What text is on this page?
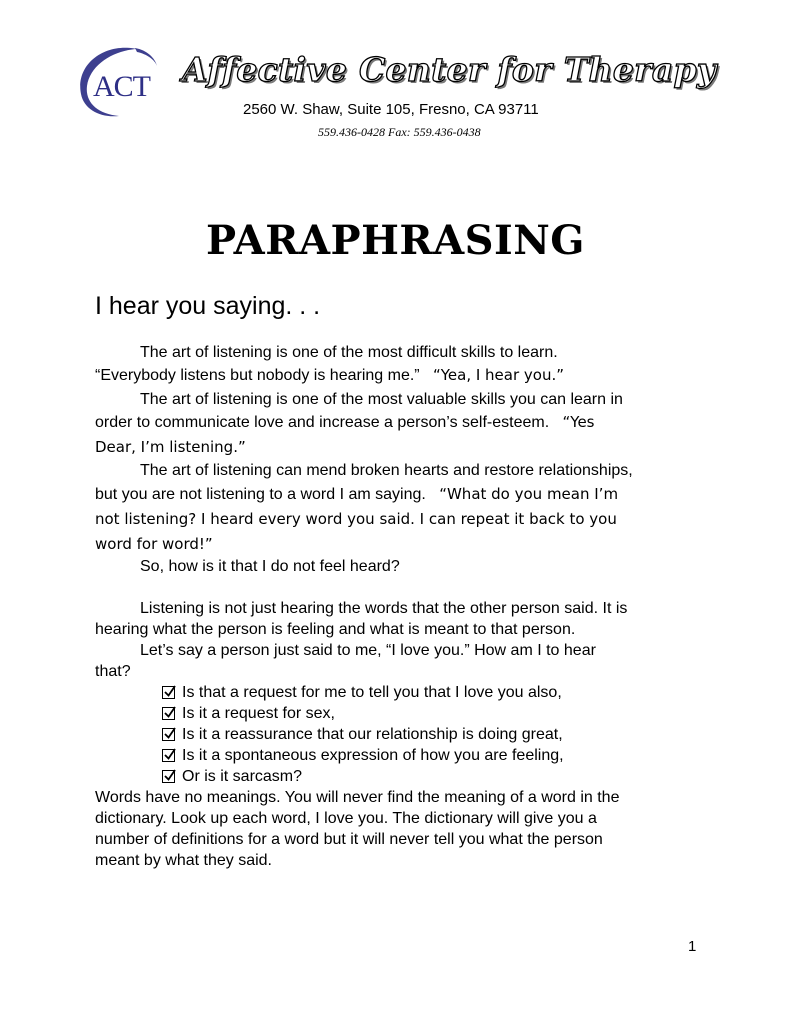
ACT Affective Center for Therapy
2560 W. Shaw, Suite 105, Fresno, CA 93711
559.436-0428 Fax: 559.436-0438
PARAPHRASING
I hear you saying. . .
The art of listening is one of the most difficult skills to learn.
“Everybody listens but nobody is hearing me.” “Yea, I hear you.”
The art of listening is one of the most valuable skills you can learn in
order to communicate love and increase a person’s self-esteem. “Yes
Dear, I’m listening.”
The art of listening can mend broken hearts and restore relationships,
but you are not listening to a word I am saying. “What do you mean I’m
not listening? I heard every word you said. I can repeat it back to you
word for word!”
So, how is it that I do not feel heard?
Listening is not just hearing the words that the other person said. It is
hearing what the person is feeling and what is meant to that person.
Let’s say a person just said to me, “I love you.” How am I to hear
that?
Is that a request for me to tell you that I love you also,
Is it a request for sex,
Is it a reassurance that our relationship is doing great,
Is it a spontaneous expression of how you are feeling,
Or is it sarcasm?
Words have no meanings. You will never find the meaning of a word in the
dictionary. Look up each word, I love you. The dictionary will give you a
number of definitions for a word but it will never tell you what the person
meant by what they said.
1
